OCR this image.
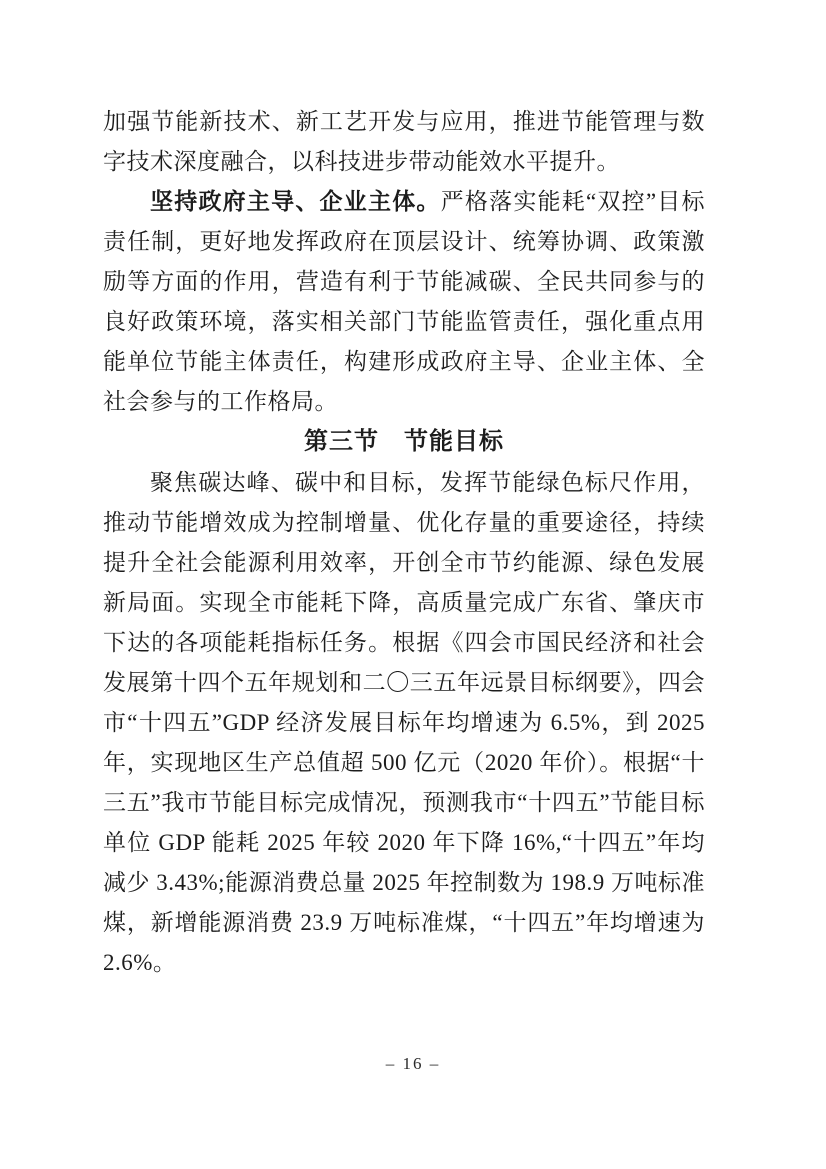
加强节能新技术、新工艺开发与应用，推进节能管理与数字技术深度融合，以科技进步带动能效水平提升。

坚持政府主导、企业主体。严格落实能耗“双控”目标责任制，更好地发挥政府在顶层设计、统筹协调、政策激励等方面的作用，营造有利于节能减碳、全民共同参与的良好政策环境，落实相关部门节能监管责任，强化重点用能单位节能主体责任，构建形成政府主导、企业主体、全社会参与的工作格局。

第三节　节能目标

聚焦碳达峰、碳中和目标，发挥节能绿色标尺作用，推动节能增效成为控制增量、优化存量的重要途径，持续提升全社会能源利用效率，开创全市节约能源、绿色发展新局面。实现全市能耗下降，高质量完成广东省、肇庆市下达的各项能耗指标任务。根据《四会市国民经济和社会发展第十四个五年规划和二〇三五年远景目标纲要》，四会市“十四五”GDP 经济发展目标年均增速为 6.5%，到 2025 年，实现地区生产总值超 500 亿元（2020 年价）。根据“十三五”我市节能目标完成情况，预测我市“十四五”节能目标单位 GDP 能耗 2025 年较 2020 年下降 16%,“十四五”年均减少 3.43%;能源消费总量 2025 年控制数为 198.9 万吨标准煤，新增能源消费 23.9 万吨标准煤，“十四五”年均增速为 2.6%。

– 16 –
